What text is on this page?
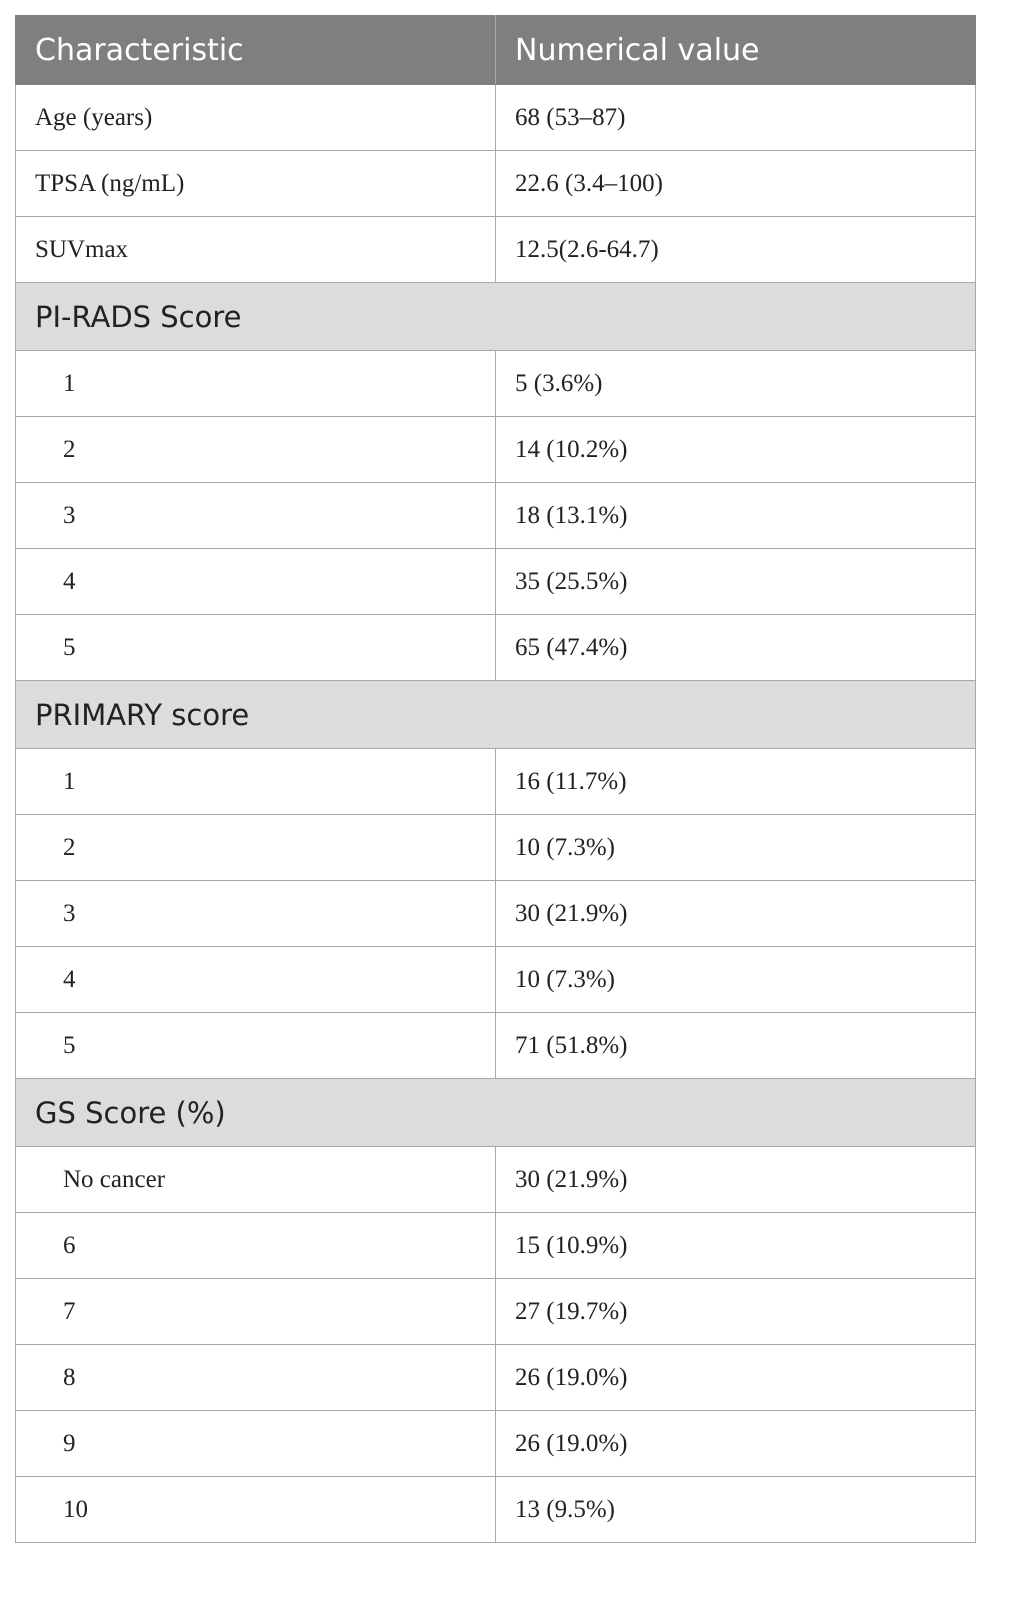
Characteristic	Numerical value
Age (years)	68 (53–87)
TPSA (ng/mL)	22.6 (3.4–100)
SUVmax	12.5(2.6-64.7)
PI-RADS Score	
1	5 (3.6%)
2	14 (10.2%)
3	18 (13.1%)
4	35 (25.5%)
5	65 (47.4%)
PRIMARY score	
1	16 (11.7%)
2	10 (7.3%)
3	30 (21.9%)
4	10 (7.3%)
5	71 (51.8%)
GS Score (%)	
No cancer	30 (21.9%)
6	15 (10.9%)
7	27 (19.7%)
8	26 (19.0%)
9	26 (19.0%)
10	13 (9.5%)
